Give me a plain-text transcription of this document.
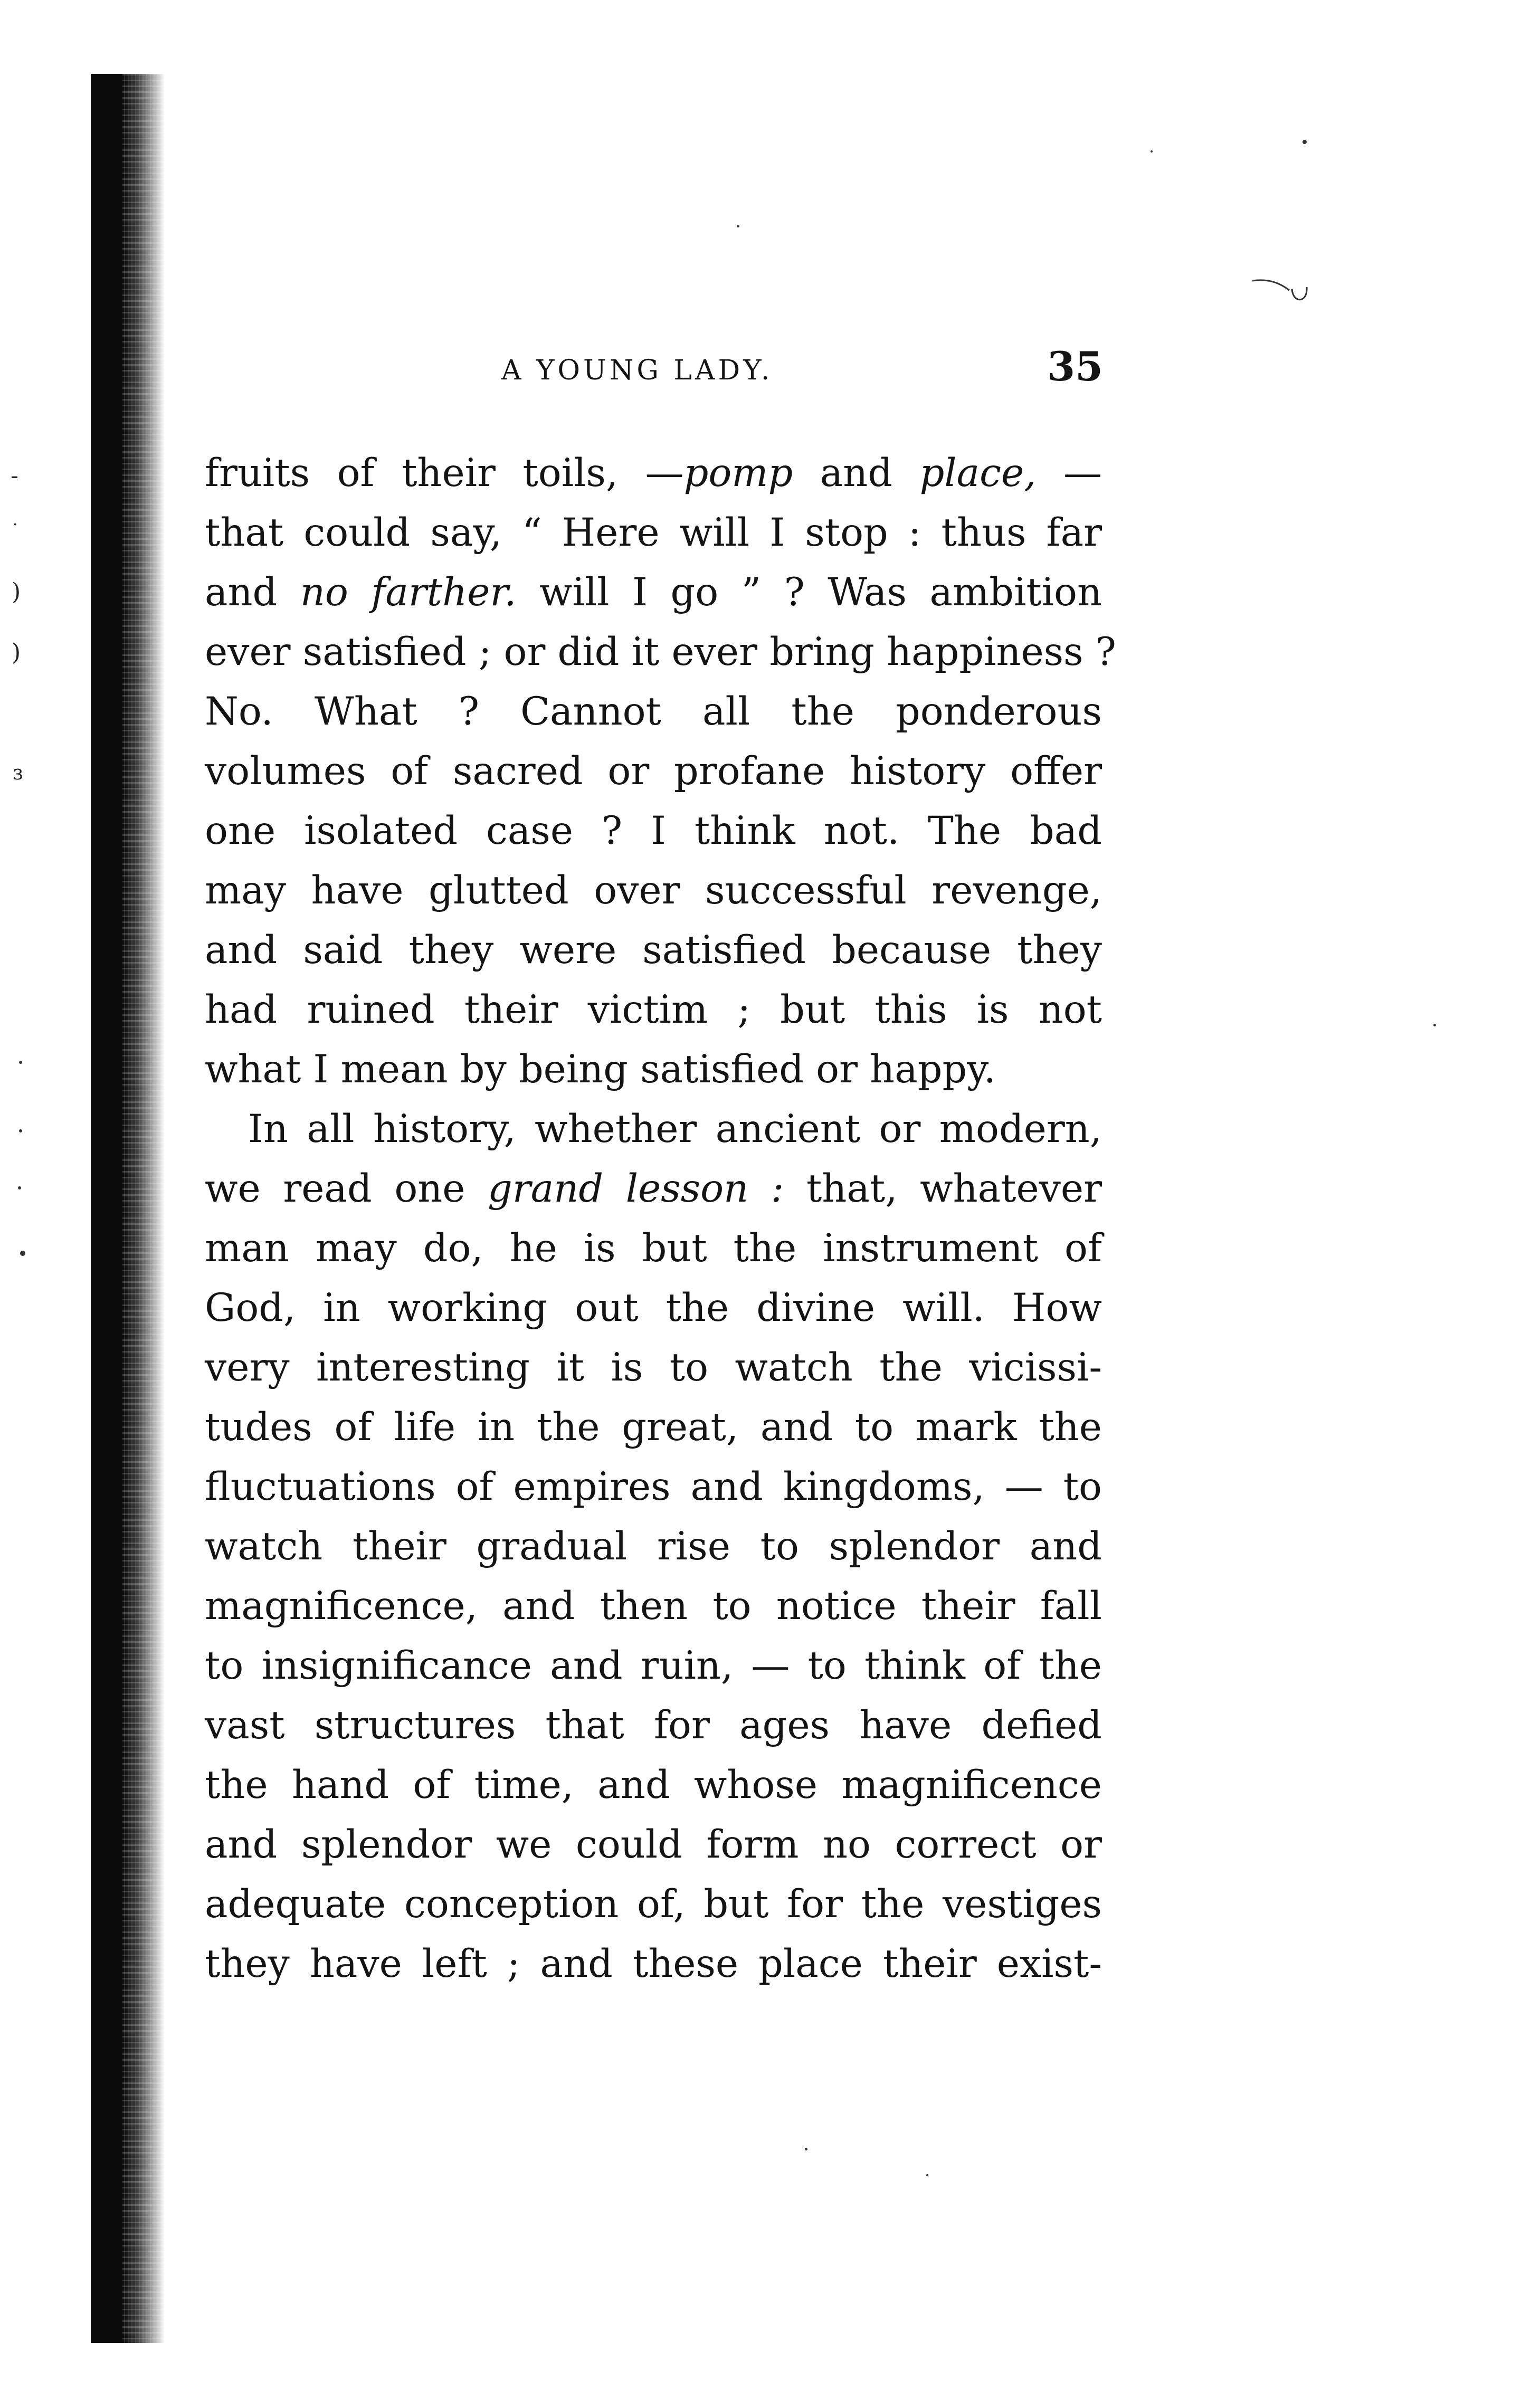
-
·
)
)
ɜ
A YOUNG LADY.	35
fruits of their toils, —pomp and place, —
that could say, “ Here will I stop : thus far
and no farther. will I go ” ? Was ambition
ever satisfied ; or did it ever bring happiness ?
No. What ? Cannot all the ponderous
volumes of sacred or profane history offer
one isolated case ? I think not. The bad
may have glutted over successful revenge,
and said they were satisfied because they
had ruined their victim ; but this is not
what I mean by being satisfied or happy.
In all history, whether ancient or modern,
we read one grand lesson : that, whatever
man may do, he is but the instrument of
God, in working out the divine will. How
very interesting it is to watch the vicissi-
tudes of life in the great, and to mark the
fluctuations of empires and kingdoms, — to
watch their gradual rise to splendor and
magnificence, and then to notice their fall
to insignificance and ruin, — to think of the
vast structures that for ages have defied
the hand of time, and whose magnificence
and splendor we could form no correct or
adequate conception of, but for the vestiges
they have left ; and these place their exist-
